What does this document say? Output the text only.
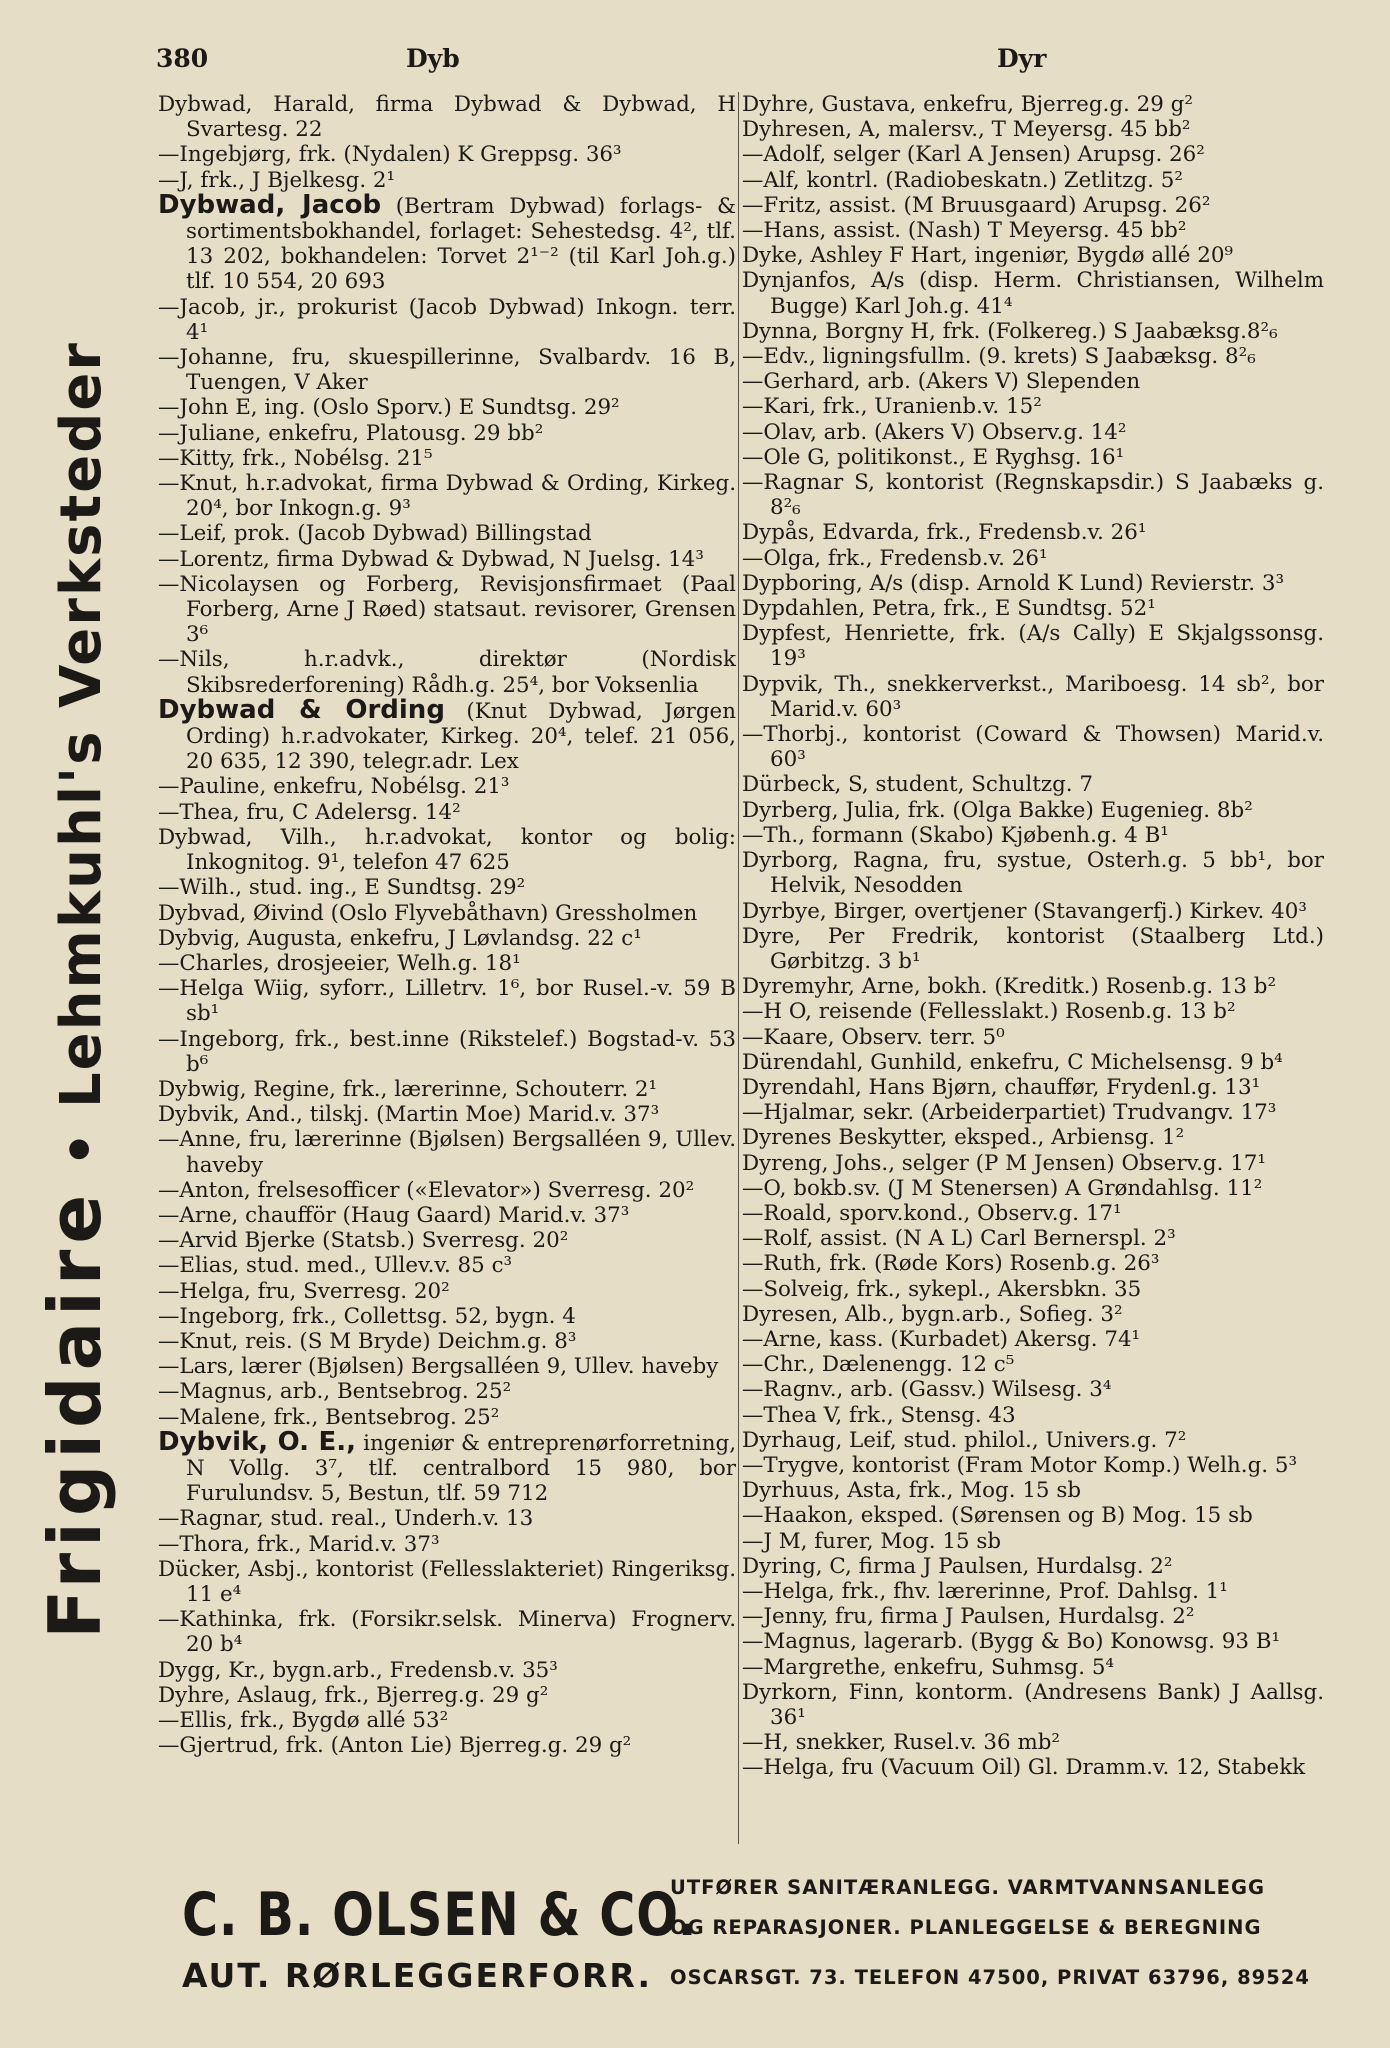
380	Dyb	Dyr
Frigidaire • Lehmkuhl's Verksteder

Dybwad, Harald, firma Dybwad & Dybwad, H Svartesg. 22

—Ingebjørg, frk. (Nydalen) K Greppsg. 36³

—J, frk., J Bjelkesg. 2¹

Dybwad, Jacob (Bertram Dybwad) forlags- & sortimentsbokhandel, forlaget: Sehestedsg. 4², tlf. 13 202, bokhandelen: Torvet 2¹⁻² (til Karl Joh.g.) tlf. 10 554, 20 693

—Jacob, jr., prokurist (Jacob Dybwad) Inkogn. terr. 4¹

—Johanne, fru, skuespillerinne, Svalbardv. 16 B, Tuengen, V Aker

—John E, ing. (Oslo Sporv.) E Sundtsg. 29²

—Juliane, enkefru, Platousg. 29 bb²

—Kitty, frk., Nobélsg. 21⁵

—Knut, h.r.advokat, firma Dybwad & Ording, Kirkeg. 20⁴, bor Inkogn.g. 9³

—Leif, prok. (Jacob Dybwad) Billingstad

—Lorentz, firma Dybwad & Dybwad, N Juelsg. 14³

—Nicolaysen og Forberg, Revisjonsfirmaet (Paal Forberg, Arne J Røed) statsaut. revisorer, Grensen 3⁶

—Nils, h.r.advk., direktør (Nordisk Skibsrederforening) Rådh.g. 25⁴, bor Voksenlia

Dybwad & Ording (Knut Dybwad, Jørgen Ording) h.r.advokater, Kirkeg. 20⁴, telef. 21 056, 20 635, 12 390, telegr.adr. Lex

—Pauline, enkefru, Nobélsg. 21³

—Thea, fru, C Adelersg. 14²

Dybwad, Vilh., h.r.advokat, kontor og bolig: Inkognitog. 9¹, telefon 47 625

—Wilh., stud. ing., E Sundtsg. 29²

Dybvad, Øivind (Oslo Flyvebåthavn) Gressholmen

Dybvig, Augusta, enkefru, J Løvlandsg. 22 c¹

—Charles, drosjeeier, Welh.g. 18¹

—Helga Wiig, syforr., Lilletrv. 1⁶, bor Rusel.-v. 59 B sb¹

—Ingeborg, frk., best.inne (Rikstelef.) Bogstad-v. 53 b⁶

Dybwig, Regine, frk., lærerinne, Schouterr. 2¹

Dybvik, And., tilskj. (Martin Moe) Marid.v. 37³

—Anne, fru, lærerinne (Bjølsen) Bergsalléen 9, Ullev. haveby

—Anton, frelsesofficer («Elevator») Sverresg. 20²

—Arne, chaufför (Haug Gaard) Marid.v. 37³

—Arvid Bjerke (Statsb.) Sverresg. 20²

—Elias, stud. med., Ullev.v. 85 c³

—Helga, fru, Sverresg. 20²

—Ingeborg, frk., Collettsg. 52, bygn. 4

—Knut, reis. (S M Bryde) Deichm.g. 8³

—Lars, lærer (Bjølsen) Bergsalléen 9, Ullev. haveby

—Magnus, arb., Bentsebrog. 25²

—Malene, frk., Bentsebrog. 25²

Dybvik, O. E., ingeniør & entreprenørforretning, N Vollg. 3⁷, tlf. centralbord 15 980, bor Furulundsv. 5, Bestun, tlf. 59 712

—Ragnar, stud. real., Underh.v. 13

—Thora, frk., Marid.v. 37³

Dücker, Asbj., kontorist (Fellesslakteriet) Ringeriksg. 11 e⁴

—Kathinka, frk. (Forsikr.selsk. Minerva) Frognerv. 20 b⁴

Dygg, Kr., bygn.arb., Fredensb.v. 35³

Dyhre, Aslaug, frk., Bjerreg.g. 29 g²

—Ellis, frk., Bygdø allé 53²

—Gjertrud, frk. (Anton Lie) Bjerreg.g. 29 g²

Dyhre, Gustava, enkefru, Bjerreg.g. 29 g²

Dyhresen, A, malersv., T Meyersg. 45 bb²

—Adolf, selger (Karl A Jensen) Arupsg. 26²

—Alf, kontrl. (Radiobeskatn.) Zetlitzg. 5²

—Fritz, assist. (M Bruusgaard) Arupsg. 26²

—Hans, assist. (Nash) T Meyersg. 45 bb²

Dyke, Ashley F Hart, ingeniør, Bygdø allé 20⁹

Dynjanfos, A/s (disp. Herm. Christiansen, Wilhelm Bugge) Karl Joh.g. 41⁴

Dynna, Borgny H, frk. (Folkereg.) S Jaabæksg.8²₆

—Edv., ligningsfullm. (9. krets) S Jaabæksg. 8²₆

—Gerhard, arb. (Akers V) Slependen

—Kari, frk., Uranienb.v. 15²

—Olav, arb. (Akers V) Observ.g. 14²

—Ole G, politikonst., E Ryghsg. 16¹

—Ragnar S, kontorist (Regnskapsdir.) S Jaabæks g. 8²₆

Dypås, Edvarda, frk., Fredensb.v. 26¹

—Olga, frk., Fredensb.v. 26¹

Dypboring, A/s (disp. Arnold K Lund) Revierstr. 3³

Dypdahlen, Petra, frk., E Sundtsg. 52¹

Dypfest, Henriette, frk. (A/s Cally) E Skjalgssonsg. 19³

Dypvik, Th., snekkerverkst., Mariboesg. 14 sb², bor Marid.v. 60³

—Thorbj., kontorist (Coward & Thowsen) Marid.v. 60³

Dürbeck, S, student, Schultzg. 7

Dyrberg, Julia, frk. (Olga Bakke) Eugenieg. 8b²

—Th., formann (Skabo) Kjøbenh.g. 4 B¹

Dyrborg, Ragna, fru, systue, Osterh.g. 5 bb¹, bor Helvik, Nesodden

Dyrbye, Birger, overtjener (Stavangerfj.) Kirkev. 40³

Dyre, Per Fredrik, kontorist (Staalberg Ltd.) Gørbitzg. 3 b¹

Dyremyhr, Arne, bokh. (Kreditk.) Rosenb.g. 13 b²

—H O, reisende (Fellesslakt.) Rosenb.g. 13 b²

—Kaare, Observ. terr. 5⁰

Dürendahl, Gunhild, enkefru, C Michelsensg. 9 b⁴

Dyrendahl, Hans Bjørn, chauffør, Frydenl.g. 13¹

—Hjalmar, sekr. (Arbeiderpartiet) Trudvangv. 17³

Dyrenes Beskytter, eksped., Arbiensg. 1²

Dyreng, Johs., selger (P M Jensen) Observ.g. 17¹

—O, bokb.sv. (J M Stenersen) A Grøndahlsg. 11²

—Roald, sporv.kond., Observ.g. 17¹

—Rolf, assist. (N A L) Carl Bernerspl. 2³

—Ruth, frk. (Røde Kors) Rosenb.g. 26³

—Solveig, frk., sykepl., Akersbkn. 35

Dyresen, Alb., bygn.arb., Sofieg. 3²

—Arne, kass. (Kurbadet) Akersg. 74¹

—Chr., Dælenengg. 12 c⁵

—Ragnv., arb. (Gassv.) Wilsesg. 3⁴

—Thea V, frk., Stensg. 43

Dyrhaug, Leif, stud. philol., Univers.g. 7²

—Trygve, kontorist (Fram Motor Komp.) Welh.g. 5³

Dyrhuus, Asta, frk., Mog. 15 sb

—Haakon, eksped. (Sørensen og B) Mog. 15 sb

—J M, furer, Mog. 15 sb

Dyring, C, firma J Paulsen, Hurdalsg. 2²

—Helga, frk., fhv. lærerinne, Prof. Dahlsg. 1¹

—Jenny, fru, firma J Paulsen, Hurdalsg. 2²

—Magnus, lagerarb. (Bygg & Bo) Konowsg. 93 B¹

—Margrethe, enkefru, Suhmsg. 5⁴

Dyrkorn, Finn, kontorm. (Andresens Bank) J Aallsg. 36¹

—H, snekker, Rusel.v. 36 mb²

—Helga, fru (Vacuum Oil) Gl. Dramm.v. 12, Stabekk

C. B. OLSEN & CO.
AUT. RØRLEGGERFORR.
UTFØRER SANITÆRANLEGG. VARMTVANNSANLEGG
OG REPARASJONER. PLANLEGGELSE & BEREGNING
OSCARSGT. 73. TELEFON 47500, PRIVAT 63796, 89524
